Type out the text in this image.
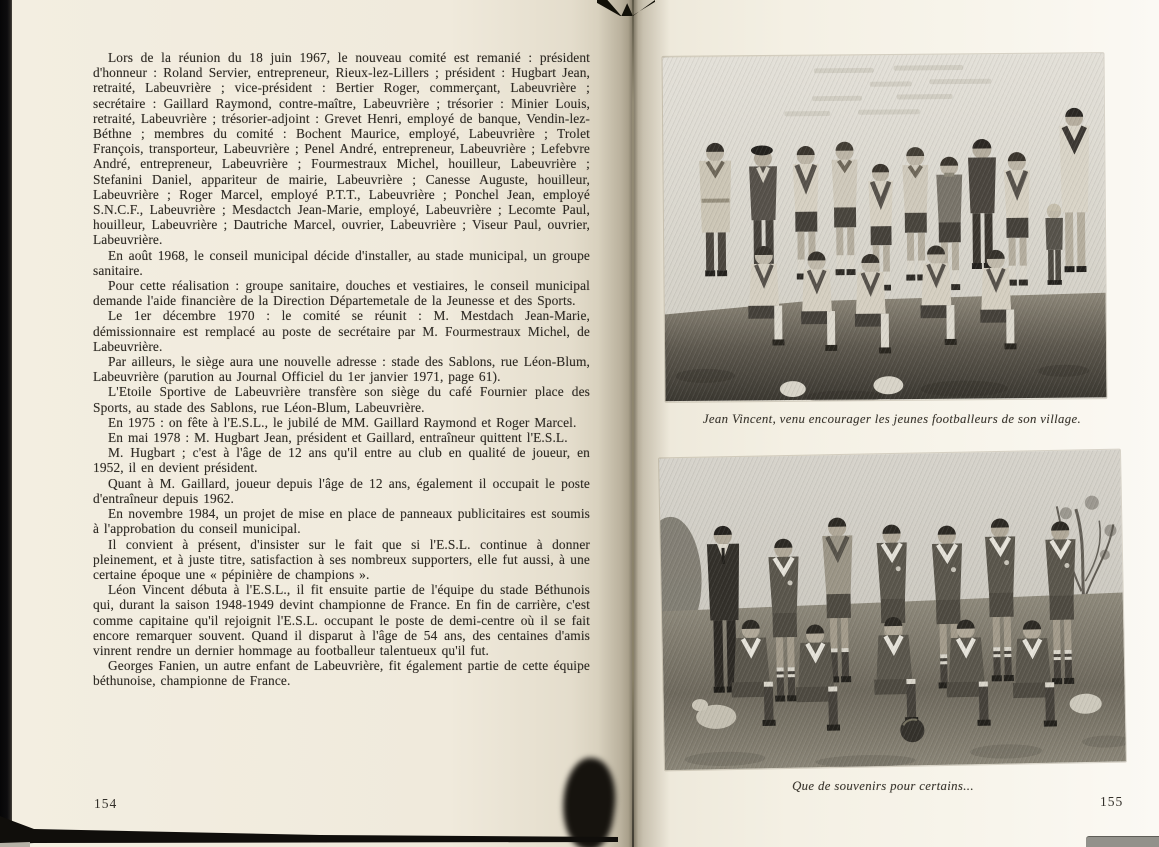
Lors de la réunion du 18 juin 1967, le nouveau comité est remanié : président d'honneur : Roland Servier, entrepreneur, Rieux-lez-Lillers ; président : Hugbart Jean, retraité, Labeuvrière ; vice-président : Bertier Roger, commerçant, Labeuvrière ; secrétaire : Gaillard Raymond, contre-maître, Labeuvrière ; trésorier : Minier Louis, retraité, Labeuvrière ; trésorier-adjoint : Grevet Henri, employé de banque, Vendin-lez-Béthne ; membres du comité : Bochent Maurice, employé, Labeuvrière ; Trolet François, transporteur, Labeuvrière ; Penel André, entrepreneur, Labeuvrière ; Lefebvre André, entrepreneur, Labeuvrière ; Fourmestraux Michel, houilleur, Labeuvrière ; Stefanini Daniel, appariteur de mairie, Labeuvrière ; Canesse Auguste, houilleur, Labeuvrière ; Roger Marcel, employé P.T.T., Labeuvrière ; Ponchel Jean, employé S.N.C.F., Labeuvrière ; Mesdactch Jean-Marie, employé, Labeuvrière ; Lecomte Paul, houilleur, Labeuvrière ; Dautriche Marcel, ouvrier, Labeuvrière ; Viseur Paul, ouvrier, Labeuvrière.

En août 1968, le conseil municipal décide d'installer, au stade municipal, un groupe sanitaire.

Pour cette réalisation : groupe sanitaire, douches et vestiaires, le conseil municipal demande l'aide financière de la Direction Départemetale de la Jeunesse et des Sports.

Le 1er décembre 1970 : le comité se réunit : M. Mestdach Jean-Marie, démissionnaire est remplacé au poste de secrétaire par M. Fourmestraux Michel, de Labeuvrière.

Par ailleurs, le siège aura une nouvelle adresse : stade des Sablons, rue Léon-Blum, Labeuvrière (parution au Journal Officiel du 1er janvier 1971, page 61).

L'Etoile Sportive de Labeuvrière transfère son siège du café Fournier place des Sports, au stade des Sablons, rue Léon-Blum, Labeuvrière.

En 1975 : on fête à l'E.S.L., le jubilé de MM. Gaillard Raymond et Roger Marcel.

En mai 1978 : M. Hugbart Jean, président et Gaillard, entraîneur quittent l'E.S.L.

M. Hugbart ; c'est à l'âge de 12 ans qu'il entre au club en qualité de joueur, en 1952, il en devient président.

Quant à M. Gaillard, joueur depuis l'âge de 12 ans, également il occupait le poste d'entraîneur depuis 1962.

En novembre 1984, un projet de mise en place de panneaux publicitaires est soumis à l'approbation du conseil municipal.

Il convient à présent, d'insister sur le fait que si l'E.S.L. continue à donner pleinement, et à juste titre, satisfaction à ses nombreux supporters, elle fut aussi, à une certaine époque une « pépinière de champions ».

Léon Vincent débuta à l'E.S.L., il fit ensuite partie de l'équipe du stade Béthunois qui, durant la saison 1948-1949 devint championne de France. En fin de carrière, c'est comme capitaine qu'il rejoignit l'E.S.L. occupant le poste de demi-centre où il se fait encore remarquer souvent. Quand il disparut à l'âge de 54 ans, des centaines d'amis vinrent rendre un dernier hommage au footballeur talentueux qu'il fut.

Georges Fanien, un autre enfant de Labeuvrière, fit également partie de cette équipe béthunoise, championne de France.

154	155
Jean Vincent, venu encourager les jeunes footballeurs de son village.
Que de souvenirs pour certains...
